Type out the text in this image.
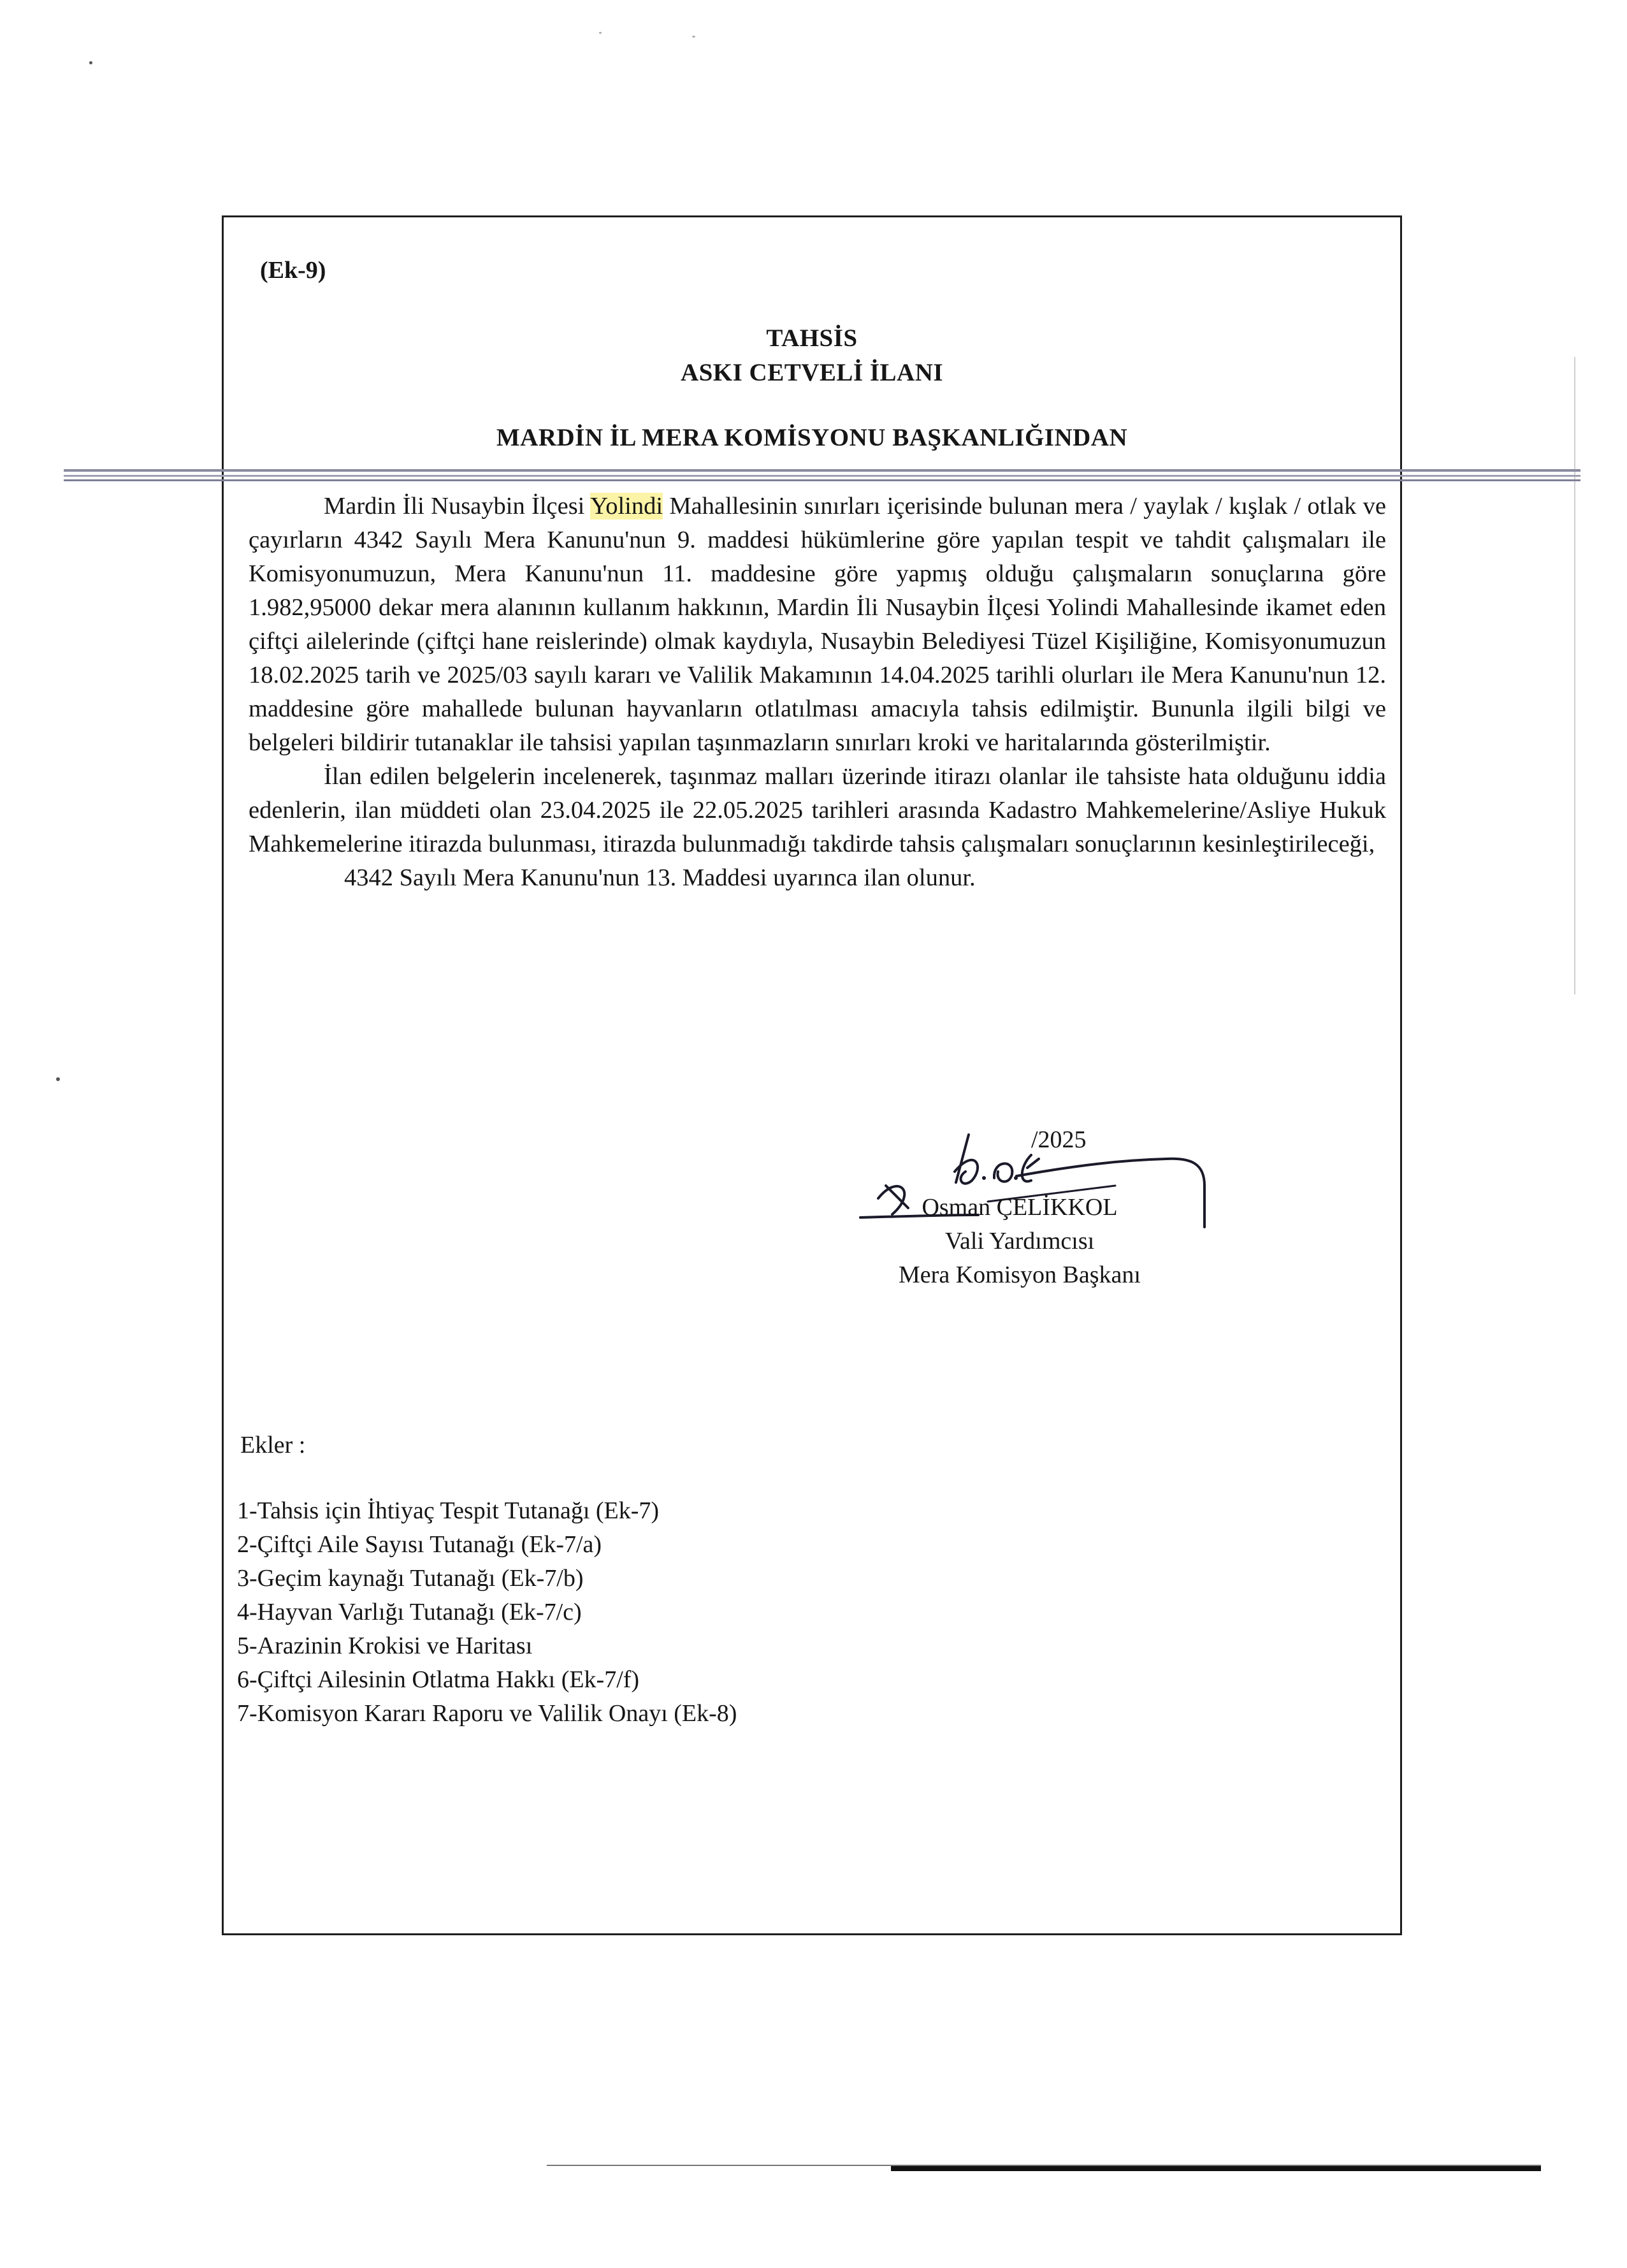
(Ek-9)
TAHSİS
ASKI CETVELİ İLANI
MARDİN İL MERA KOMİSYONU BAŞKANLIĞINDAN

Mardin İli Nusaybin İlçesi Yolindi Mahallesinin sınırları içerisinde bulunan mera / yaylak / kışlak / otlak ve çayırların 4342 Sayılı Mera Kanunu'nun 9. maddesi hükümlerine göre yapılan tespit ve tahdit çalışmaları ile Komisyonumuzun, Mera Kanunu'nun 11. maddesine göre yapmış olduğu çalışmaların sonuçlarına göre 1.982,95000 dekar mera alanının kullanım hakkının, Mardin İli Nusaybin İlçesi Yolindi Mahallesinde ikamet eden çiftçi ailelerinde (çiftçi hane reislerinde) olmak kaydıyla, Nusaybin Belediyesi Tüzel Kişiliğine, Komisyonumuzun 18.02.2025 tarih ve 2025/03 sayılı kararı ve Valilik Makamının 14.04.2025 tarihli olurları ile Mera Kanunu'nun 12. maddesine göre mahallede bulunan hayvanların otlatılması amacıyla tahsis edilmiştir. Bununla ilgili bilgi ve belgeleri bildirir tutanaklar ile tahsisi yapılan taşınmazların sınırları kroki ve haritalarında gösterilmiştir.

İlan edilen belgelerin incelenerek, taşınmaz malları üzerinde itirazı olanlar ile tahsiste hata olduğunu iddia edenlerin, ilan müddeti olan 23.04.2025 ile 22.05.2025 tarihleri arasında Kadastro Mahkemelerine/Asliye Hukuk Mahkemelerine itirazda bulunması, itirazda bulunmadığı takdirde tahsis çalışmaları sonuçlarının kesinleştirileceği,

4342 Sayılı Mera Kanunu'nun 13. Maddesi uyarınca ilan olunur.

/2025
Osman ÇELİKKOL
Vali Yardımcısı
Mera Komisyon Başkanı
Ekler :
1-Tahsis için İhtiyaç Tespit Tutanağı (Ek-7)
2-Çiftçi Aile Sayısı Tutanağı (Ek-7/a)
3-Geçim kaynağı Tutanağı (Ek-7/b)
4-Hayvan Varlığı Tutanağı (Ek-7/c)
5-Arazinin Krokisi ve Haritası
6-Çiftçi Ailesinin Otlatma Hakkı (Ek-7/f)
7-Komisyon Kararı Raporu ve Valilik Onayı (Ek-8)
